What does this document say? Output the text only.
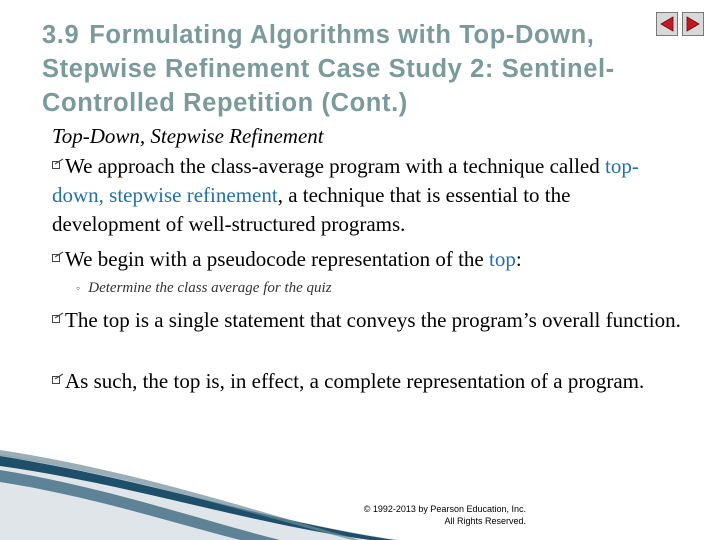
3.9 Formulating Algorithms with Top-Down,
Stepwise Refinement Case Study 2: Sentinel-
Controlled Repetition (Cont.)
Top-Down, Stepwise Refinement
We approach the class-average program with a technique called top-down, stepwise refinement, a technique that is essential to the development of well-structured programs.
We begin with a pseudocode representation of the top:
◦ Determine the class average for the quiz
The top is a single statement that conveys the program’s overall function.
As such, the top is, in effect, a complete representation of a program.
© 1992-2013 by Pearson Education, Inc.
All Rights Reserved.
